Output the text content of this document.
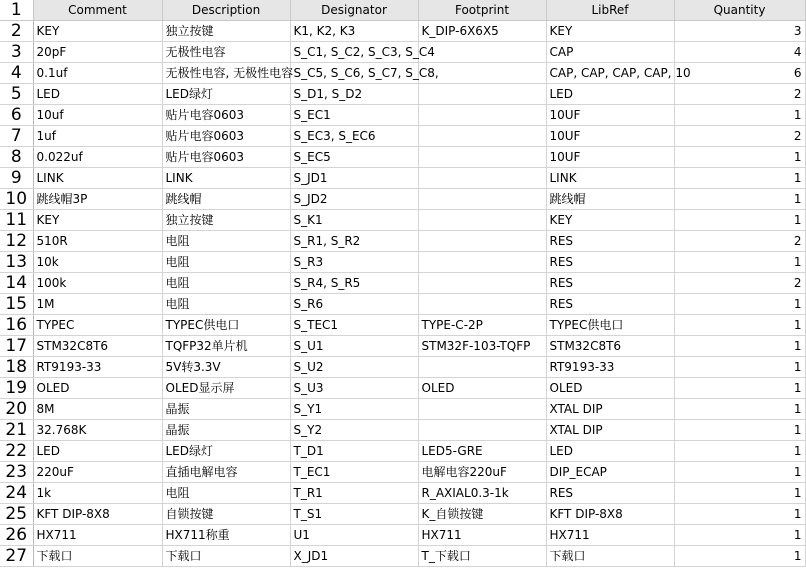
1	Comment	Description	Designator	Footprint	LibRef	Quantity
2	KEY	独立按键	K1, K2, K3	K_DIP-6X6X5	KEY	3
3	20pF	无极性电容	S_C1, S_C2, S_C3, S_C4		CAP	4
4	0.1uf	无极性电容, 无极性电容	S_C5, S_C6, S_C7, S_C8,		CAP, CAP, CAP, CAP, 10	6
5	LED	LED绿灯	S_D1, S_D2		LED	2
6	10uf	贴片电容0603	S_EC1		10UF	1
7	1uf	贴片电容0603	S_EC3, S_EC6		10UF	2
8	0.022uf	贴片电容0603	S_EC5		10UF	1
9	LINK	LINK	S_JD1		LINK	1
10	跳线帽3P	跳线帽	S_JD2		跳线帽	1
11	KEY	独立按键	S_K1		KEY	1
12	510R	电阻	S_R1, S_R2		RES	2
13	10k	电阻	S_R3		RES	1
14	100k	电阻	S_R4, S_R5		RES	2
15	1M	电阻	S_R6		RES	1
16	TYPEC	TYPEC供电口	S_TEC1	TYPE-C-2P	TYPEC供电口	1
17	STM32C8T6	TQFP32单片机	S_U1	STM32F-103-TQFP	STM32C8T6	1
18	RT9193-33	5V转3.3V	S_U2		RT9193-33	1
19	OLED	OLED显示屏	S_U3	OLED	OLED	1
20	8M	晶振	S_Y1		XTAL DIP	1
21	32.768K	晶振	S_Y2		XTAL DIP	1
22	LED	LED绿灯	T_D1	LED5-GRE	LED	1
23	220uF	直插电解电容	T_EC1	电解电容220uF	DIP_ECAP	1
24	1k	电阻	T_R1	R_AXIAL0.3-1k	RES	1
25	KFT DIP-8X8	自锁按键	T_S1	K_自锁按键	KFT DIP-8X8	1
26	HX711	HX711称重	U1	HX711	HX711	1
27	下载口	下载口	X_JD1	T_下载口	下载口	1
